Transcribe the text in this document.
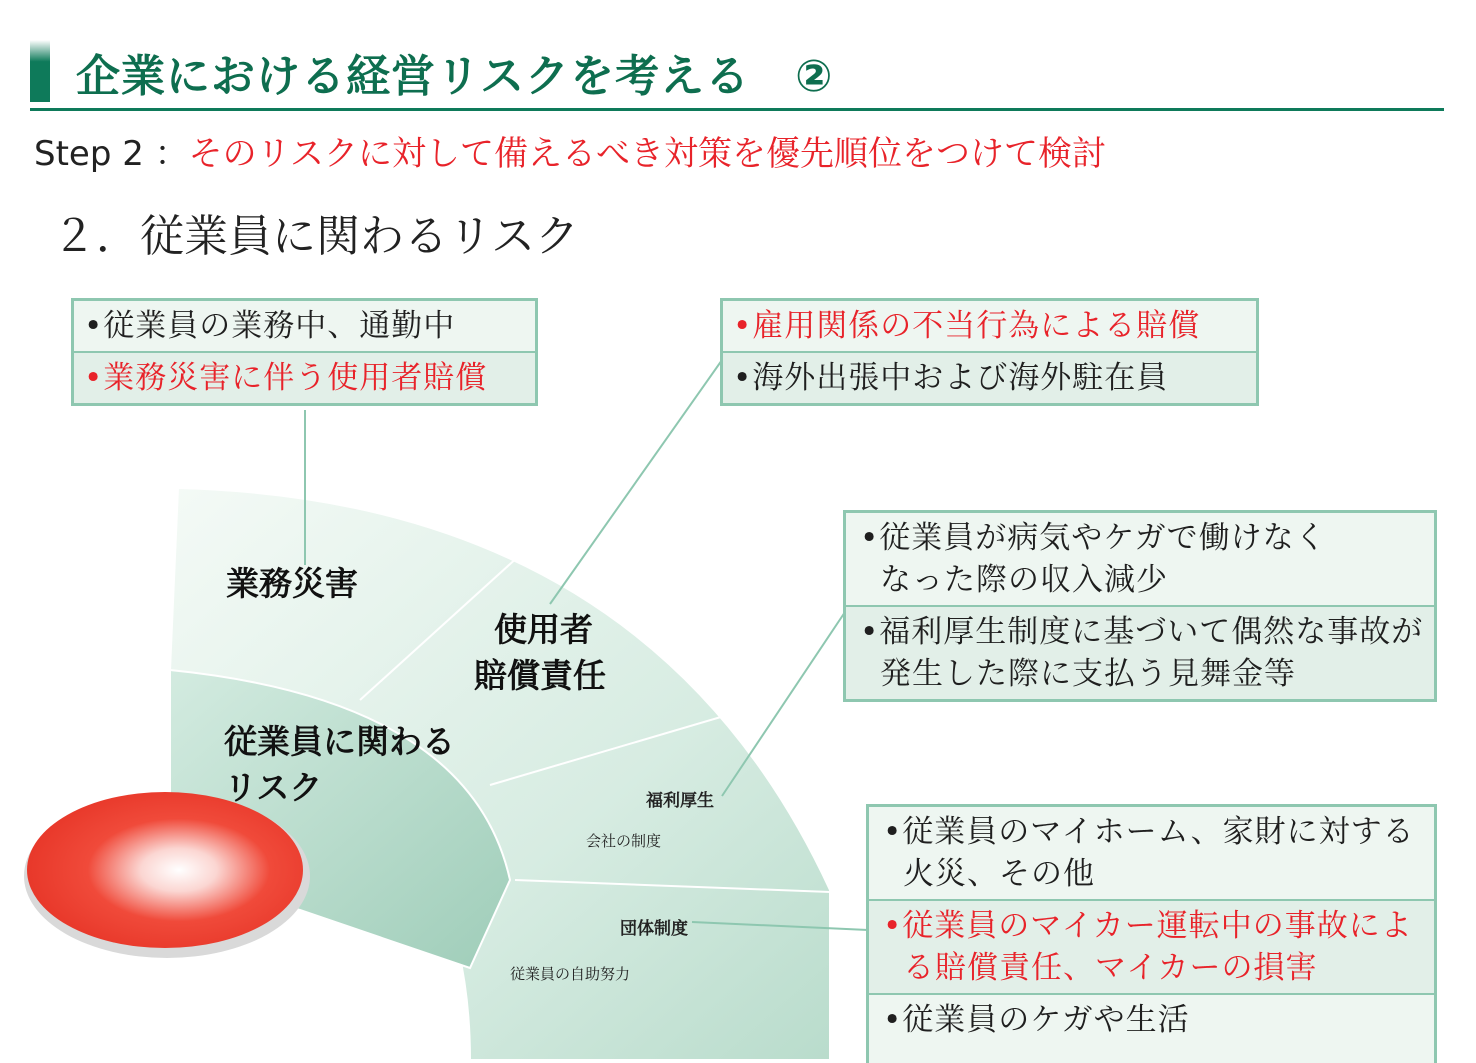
企業における経営リスクを考える　②
Step 2 ：そのリスクに対して備えるべき対策を優先順位をつけて検討
２．従業員に関わるリスク
業務災害
使用者
賠償責任
従業員に関わる
リスク	福利厚生
会社の制度
団体制度
従業員の自助努力
•従業員の業務中、通勤中
•業務災害に伴う使用者賠償
•雇用関係の不当行為による賠償
•海外出張中および海外駐在員
•従業員が病気やケガで働けなくなった際の収入減少
•福利厚生制度に基づいて偶然な事故が発生した際に支払う見舞金等
•従業員のマイホーム、家財に対する火災、その他
•従業員のマイカー運転中の事故による賠償責任、マイカーの損害
•従業員のケガや生活
